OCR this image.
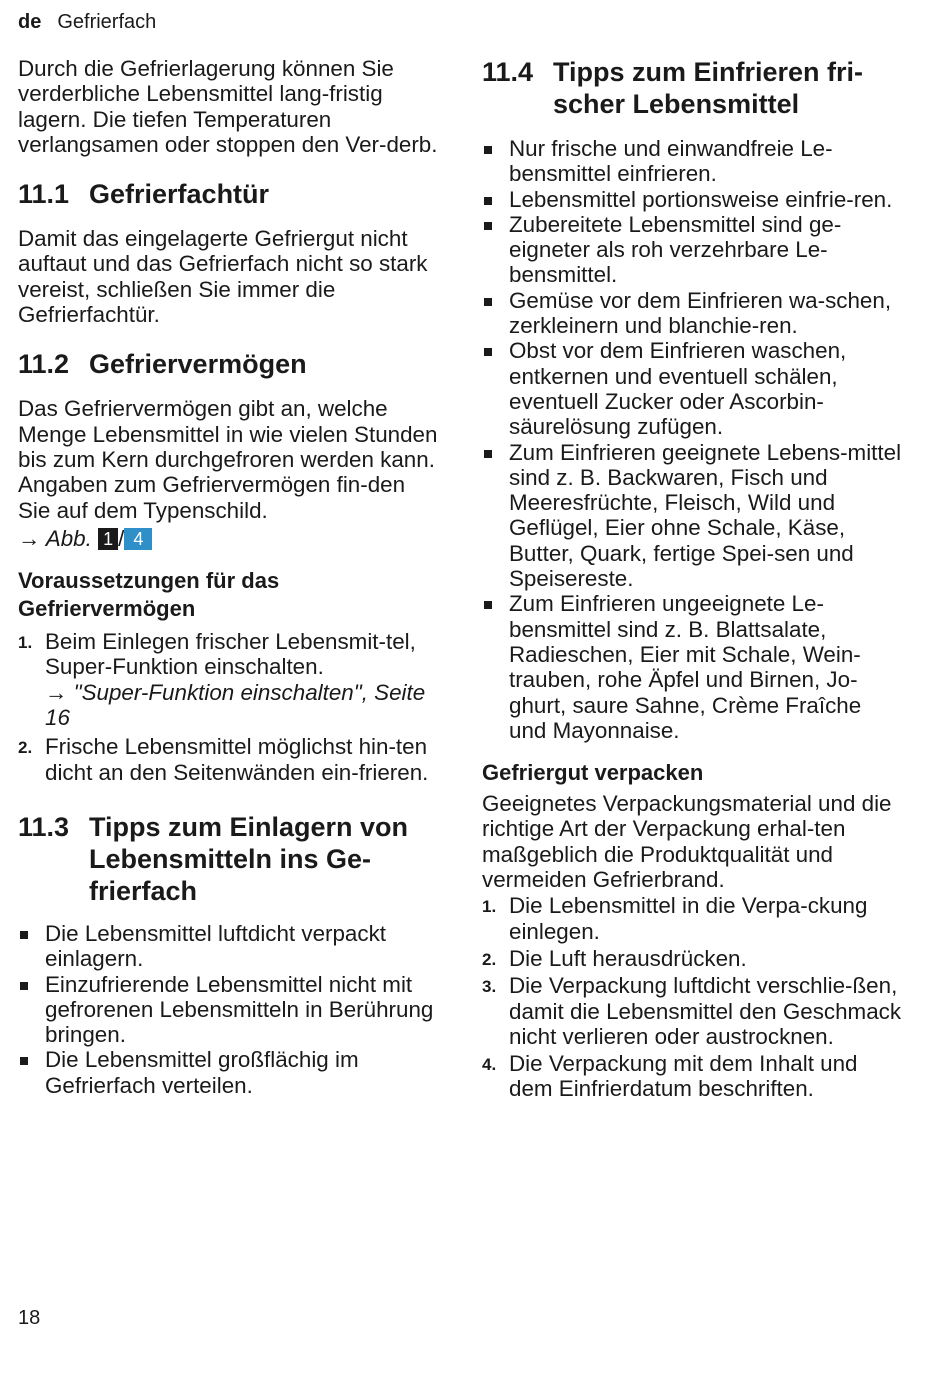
de Gefrierfach

Durch die Gefrierlagerung können Sie verderbliche Lebensmittel lang-fristig lagern. Die tiefen Temperaturen verlangsamen oder stoppen den Ver-derb.

11.1 Gefrierfachtür

Damit das eingelagerte Gefriergut nicht auftaut und das Gefrierfach nicht so stark vereist, schließen Sie immer die Gefrierfachtür.

11.2 Gefriervermögen

Das Gefriervermögen gibt an, welche Menge Lebensmittel in wie vielen Stunden bis zum Kern durchgefroren werden kann.

Angaben zum Gefriervermögen fin-den Sie auf dem Typenschild.

→ Abb. 1 / 4

Voraussetzungen für das Gefriervermögen
1. Beim Einlegen frischer Lebensmit-tel, Super-Funktion einschalten.
→ "Super-Funktion einschalten", Seite 16
2. Frische Lebensmittel möglichst hin-ten dicht an den Seitenwänden ein-frieren.
11.3 Tipps zum Einlagern von Lebensmitteln ins Ge-frierfach
Die Lebensmittel luftdicht verpackt einlagern.
Einzufrierende Lebensmittel nicht mit gefrorenen Lebensmitteln in Berührung bringen.
Die Lebensmittel großflächig im Gefrierfach verteilen.
11.4 Tipps zum Einfrieren fri-scher Lebensmittel
Nur frische und einwandfreie Le-bensmittel einfrieren.
Lebensmittel portionsweise einfrie-ren.
Zubereitete Lebensmittel sind ge-eigneter als roh verzehrbare Le-bensmittel.
Gemüse vor dem Einfrieren wa-schen, zerkleinern und blanchie-ren.
Obst vor dem Einfrieren waschen, entkernen und eventuell schälen, eventuell Zucker oder Ascorbin-säurelösung zufügen.
Zum Einfrieren geeignete Lebens-mittel sind z. B. Backwaren, Fisch und Meeresfrüchte, Fleisch, Wild und Geflügel, Eier ohne Schale, Käse, Butter, Quark, fertige Spei-sen und Speisereste.
Zum Einfrieren ungeeignete Le-bensmittel sind z. B. Blattsalate, Radieschen, Eier mit Schale, Wein-trauben, rohe Äpfel und Birnen, Jo-ghurt, saure Sahne, Crème Fraîche und Mayonnaise.
Gefriergut verpacken

Geeignetes Verpackungsmaterial und die richtige Art der Verpackung erhal-ten maßgeblich die Produktqualität und vermeiden Gefrierbrand.

1. Die Lebensmittel in die Verpa-ckung einlegen.
2. Die Luft herausdrücken.
3. Die Verpackung luftdicht verschlie-ßen, damit die Lebensmittel den Geschmack nicht verlieren oder austrocknen.
4. Die Verpackung mit dem Inhalt und dem Einfrierdatum beschriften.
18
